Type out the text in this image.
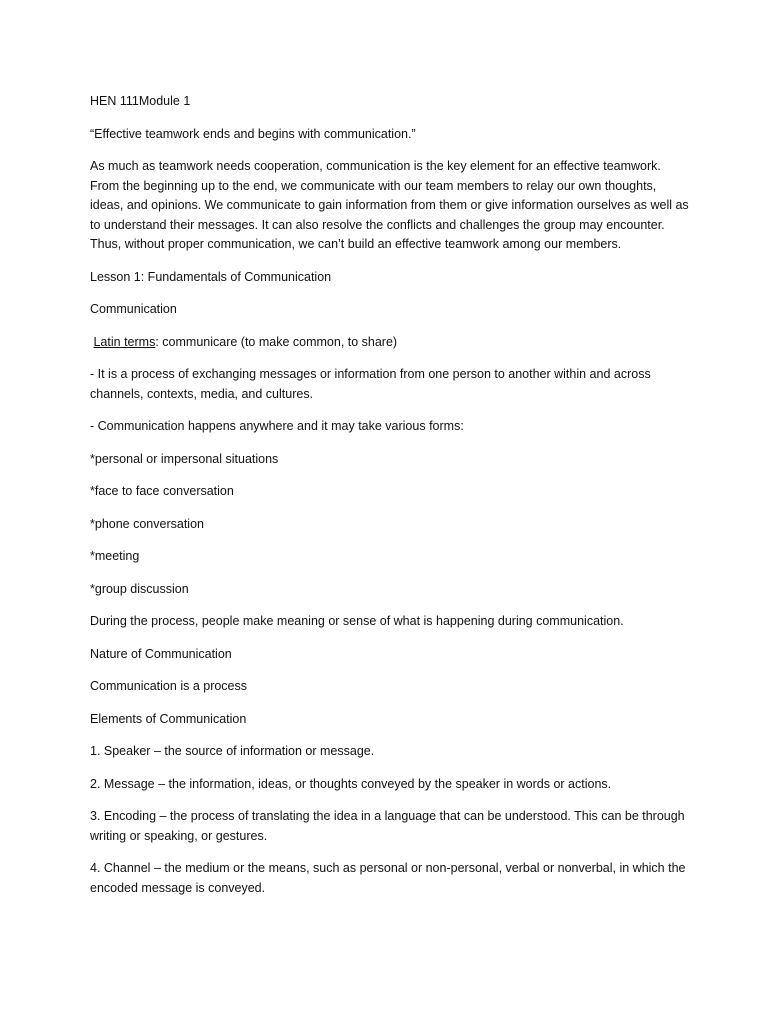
HEN 111Module 1

“Effective teamwork ends and begins with communication.”

As much as teamwork needs cooperation, communication is the key element for an effective teamwork. From the beginning up to the end, we communicate with our team members to relay our own thoughts, ideas, and opinions. We communicate to gain information from them or give information ourselves as well as to understand their messages. It can also resolve the conflicts and challenges the group may encounter. Thus, without proper communication, we can’t build an effective teamwork among our members.

Lesson 1: Fundamentals of Communication

Communication

Latin terms: communicare (to make common, to share)

- It is a process of exchanging messages or information from one person to another within and across channels, contexts, media, and cultures.

- Communication happens anywhere and it may take various forms:

*personal or impersonal situations

*face to face conversation

*phone conversation

*meeting

*group discussion

During the process, people make meaning or sense of what is happening during communication.

Nature of Communication

Communication is a process

Elements of Communication

1. Speaker – the source of information or message.

2. Message – the information, ideas, or thoughts conveyed by the speaker in words or actions.

3. Encoding – the process of translating the idea in a language that can be understood. This can be through writing or speaking, or gestures.

4. Channel – the medium or the means, such as personal or non-personal, verbal or nonverbal, in which the encoded message is conveyed.
